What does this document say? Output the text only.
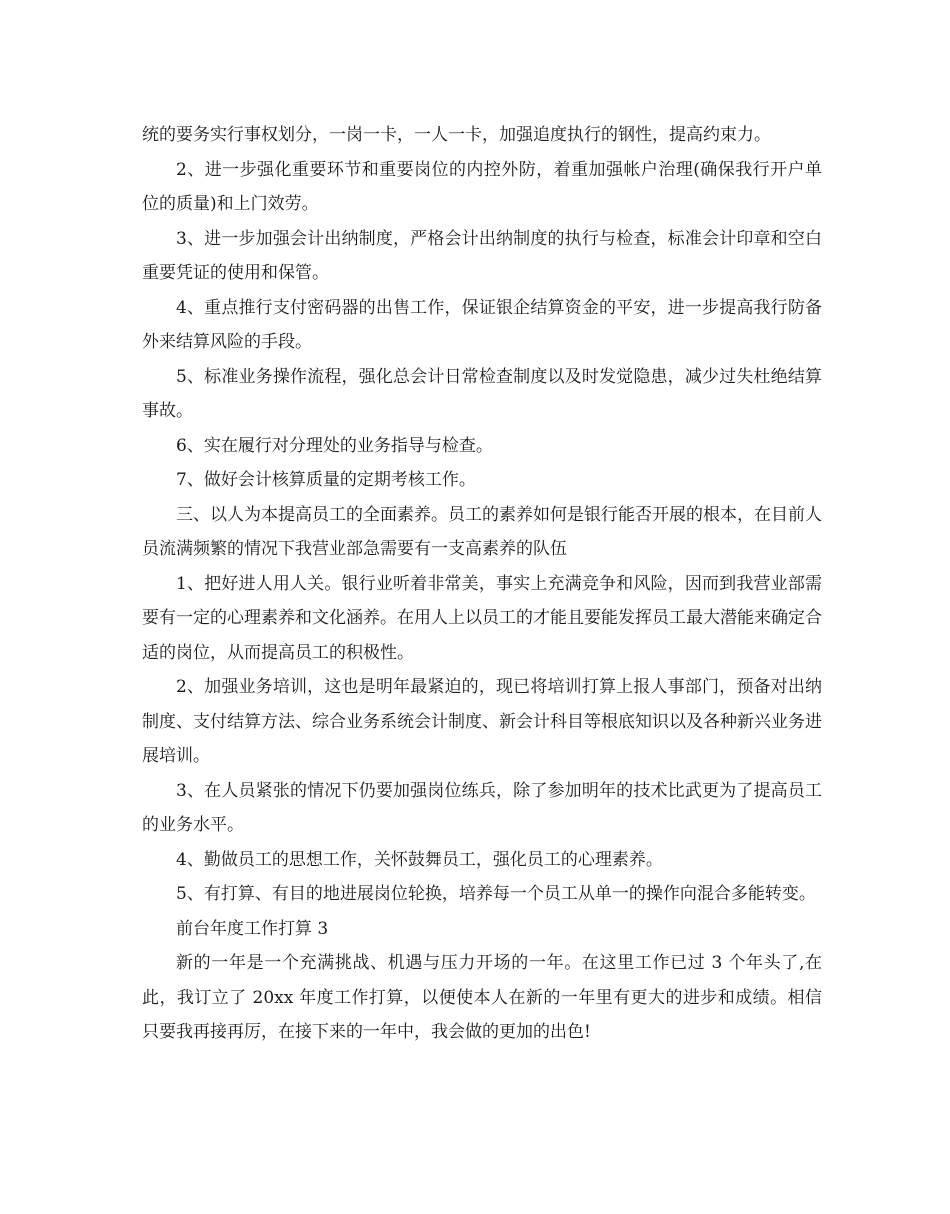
统的要务实行事权划分，一岗一卡，一人一卡，加强追度执行的钢性，提高约束力。

2、进一步强化重要环节和重要岗位的内控外防，着重加强帐户治理(确保我行开户单位的质量)和上门效劳。

3、进一步加强会计出纳制度，严格会计出纳制度的执行与检查，标准会计印章和空白重要凭证的使用和保管。

4、重点推行支付密码器的出售工作，保证银企结算资金的平安，进一步提高我行防备外来结算风险的手段。

5、标准业务操作流程，强化总会计日常检查制度以及时发觉隐患，减少过失杜绝结算事故。

6、实在履行对分理处的业务指导与检查。

7、做好会计核算质量的定期考核工作。

三、以人为本提高员工的全面素养。员工的素养如何是银行能否开展的根本，在目前人员流满频繁的情况下我营业部急需要有一支高素养的队伍

1、把好进人用人关。银行业听着非常美，事实上充满竞争和风险，因而到我营业部需要有一定的心理素养和文化涵养。在用人上以员工的才能且要能发挥员工最大潜能来确定合适的岗位，从而提高员工的积极性。

2、加强业务培训，这也是明年最紧迫的，现已将培训打算上报人事部门，预备对出纳制度、支付结算方法、综合业务系统会计制度、新会计科目等根底知识以及各种新兴业务进展培训。

3、在人员紧张的情况下仍要加强岗位练兵，除了参加明年的技术比武更为了提高员工的业务水平。

4、勤做员工的思想工作，关怀鼓舞员工，强化员工的心理素养。

5、有打算、有目的地进展岗位轮换，培养每一个员工从单一的操作向混合多能转变。

前台年度工作打算 3

新的一年是一个充满挑战、机遇与压力开场的一年。在这里工作已过 3 个年头了,在此，我订立了 20xx 年度工作打算，以便使本人在新的一年里有更大的进步和成绩。相信只要我再接再厉，在接下来的一年中，我会做的更加的出色!
